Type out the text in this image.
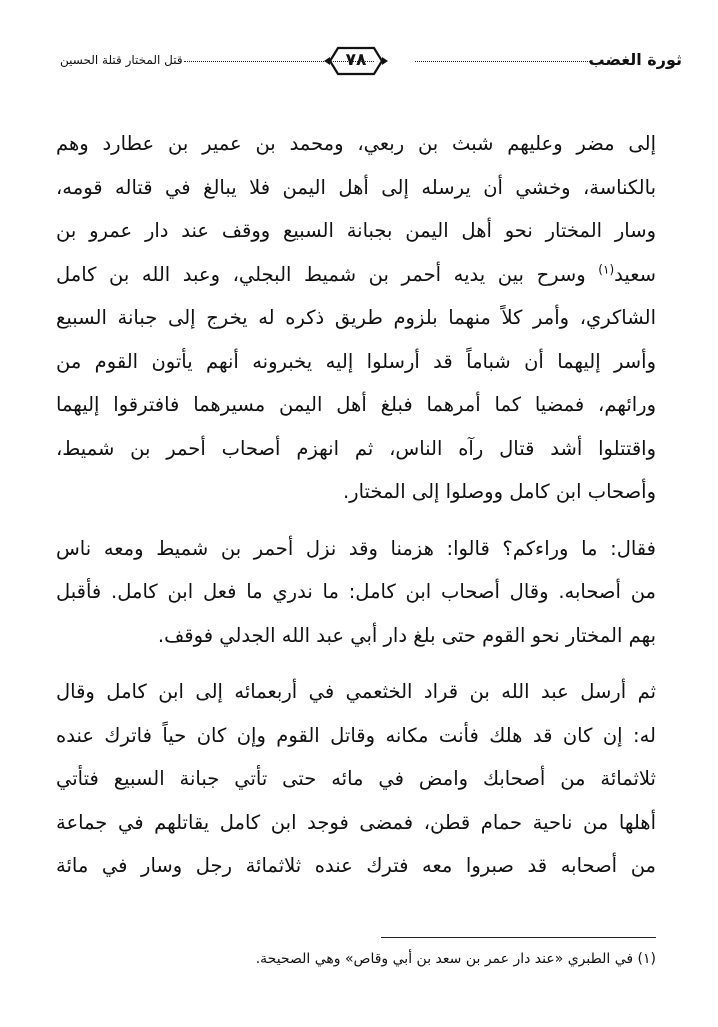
ثورة الغضب
٧٨
قتل المختار قتلة الحسين
إلى مضر وعليهم شبث بن ربعي، ومحمد بن عمير بن عطارد وهم
بالكناسة، وخشي أن يرسله إلى أهل اليمن فلا يبالغ في قتاله قومه،
وسار المختار نحو أهل اليمن بجبانة السبيع ووقف عند دار عمرو بن
سعيد$^{(١)}$ وسرح بين يديه أحمر بن شميط البجلي، وعبد الله بن كامل
الشاكري، وأمر كلاً منهما بلزوم طريق ذكره له يخرج إلى جبانة السبيع
وأسر إليهما أن شباماً قد أرسلوا إليه يخبرونه أنهم يأتون القوم من
ورائهم، فمضيا كما أمرهما فبلغ أهل اليمن مسيرهما فافترقوا إليهما
واقتتلوا أشد قتال رآه الناس، ثم انهزم أصحاب أحمر بن شميط،
وأصحاب ابن كامل ووصلوا إلى المختار.
فقال: ما وراءكم؟ قالوا: هزمنا وقد نزل أحمر بن شميط ومعه ناس
من أصحابه. وقال أصحاب ابن كامل: ما ندري ما فعل ابن كامل. فأقبل
بهم المختار نحو القوم حتى بلغ دار أبي عبد الله الجدلي فوقف.
ثم أرسل عبد الله بن قراد الخثعمي في أربعمائه إلى ابن كامل وقال
له: إن كان قد هلك فأنت مكانه وقاتل القوم وإن كان حياً فاترك عنده
ثلاثمائة من أصحابك وامض في مائه حتى تأتي جبانة السبيع فتأتي
أهلها من ناحية حمام قطن، فمضى فوجد ابن كامل يقاتلهم في جماعة
من أصحابه قد صبروا معه فترك عنده ثلاثمائة رجل وسار في مائة
(١) في الطبري «عند دار عمر بن سعد بن أبي وقاص» وهي الصحيحة.
